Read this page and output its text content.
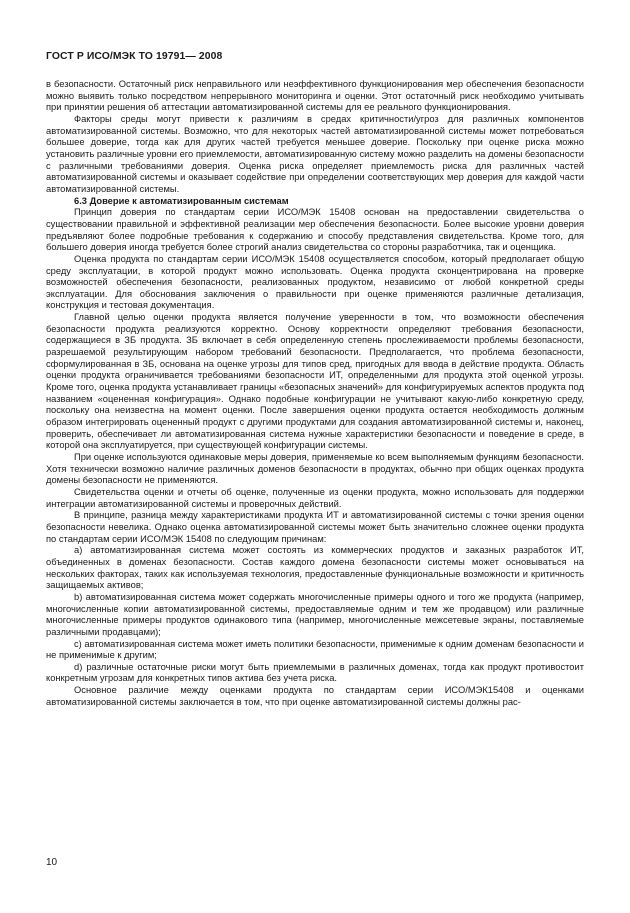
ГОСТ Р ИСО/МЭК ТО 19791— 2008

в безопасности. Остаточный риск неправильного или неэффективного функционирования мер обеспечения безопасности можно выявить только посредством непрерывного мониторинга и оценки. Этот остаточный риск необходимо учитывать при принятии решения об аттестации автоматизированной системы для ее реального функционирования.

Факторы среды могут привести к различиям в средах критичности/угроз для различных компонентов автоматизированной системы. Возможно, что для некоторых частей автоматизированной системы может потребоваться большее доверие, тогда как для других частей требуется меньшее доверие. Поскольку при оценке риска можно установить различные уровни его приемлемости, автоматизированную систему можно разделить на домены безопасности с различными требованиями доверия. Оценка риска определяет приемлемость риска для различных частей автоматизированной системы и оказывает содействие при определении соответствующих мер доверия для каждой части автоматизированной системы.

6.3 Доверие к автоматизированным системам

Принцип доверия по стандартам серии ИСО/МЭК 15408 основан на предоставлении свидетельства о существовании правильной и эффективной реализации мер обеспечения безопасности. Более высокие уровни доверия предъявляют более подробные требования к содержанию и способу представления свидетельства. Кроме того, для большего доверия иногда требуется более строгий анализ свидетельства со стороны разработчика, так и оценщика.

Оценка продукта по стандартам серии ИСО/МЭК 15408 осуществляется способом, который предполагает общую среду эксплуатации, в которой продукт можно использовать. Оценка продукта сконцентрирована на проверке возможностей обеспечения безопасности, реализованных продуктом, независимо от любой конкретной среды эксплуатации. Для обоснования заключения о правильности при оценке применяются различные детализация, конструкция и тестовая документация.

Главной целью оценки продукта является получение уверенности в том, что возможности обеспечения безопасности продукта реализуются корректно. Основу корректности определяют требования безопасности, содержащиеся в ЗБ продукта. ЗБ включает в себя определенную степень прослеживаемости проблемы безопасности, разрешаемой результирующим набором требований безопасности. Предполагается, что проблема безопасности, сформулированная в ЗБ, основана на оценке угрозы для типов сред, пригодных для ввода в действие продукта. Область оценки продукта ограничивается требованиями безопасности ИТ, определенными для продукта этой оценкой угрозы. Кроме того, оценка продукта устанавливает границы «безопасных значений» для конфигурируемых аспектов продукта под названием «оцененная конфигурация». Однако подобные конфигурации не учитывают какую-либо конкретную среду, поскольку она неизвестна на момент оценки. После завершения оценки продукта остается необходимость должным образом интегрировать оцененный продукт с другими продуктами для создания автоматизированной системы и, наконец, проверить, обеспечивает ли автоматизированная система нужные характеристики безопасности и поведение в среде, в которой она эксплуатируется, при существующей конфигурации системы.

При оценке используются одинаковые меры доверия, применяемые ко всем выполняемым функциям безопасности. Хотя технически возможно наличие различных доменов безопасности в продуктах, обычно при общих оценках продукта домены безопасности не применяются.

Свидетельства оценки и отчеты об оценке, полученные из оценки продукта, можно использовать для поддержки интеграции автоматизированной системы и проверочных действий.

В принципе, разница между характеристиками продукта ИТ и автоматизированной системы с точки зрения оценки безопасности невелика. Однако оценка автоматизированной системы может быть значительно сложнее оценки продукта по стандартам серии ИСО/МЭК 15408 по следующим причинам:

а) автоматизированная система может состоять из коммерческих продуктов и заказных разработок ИТ, объединенных в доменах безопасности. Состав каждого домена безопасности системы может основываться на нескольких факторах, таких как используемая технология, предоставленные функциональные возможности и критичность защищаемых активов;

b) автоматизированная система может содержать многочисленные примеры одного и того же продукта (например, многочисленные копии автоматизированной системы, предоставляемые одним и тем же продавцом) или различные многочисленные примеры продуктов одинакового типа (например, многочисленные межсетевые экраны, поставляемые различными продавцами);

с) автоматизированная система может иметь политики безопасности, применимые к одним доменам безопасности и не применимые к другим;

d) различные остаточные риски могут быть приемлемыми в различных доменах, тогда как продукт противостоит конкретным угрозам для конкретных типов актива без учета риска.

Основное различие между оценками продукта по стандартам серии ИСО/МЭК15408 и оценками автоматизированной системы заключается в том, что при оценке автоматизированной системы должны рас-

10
